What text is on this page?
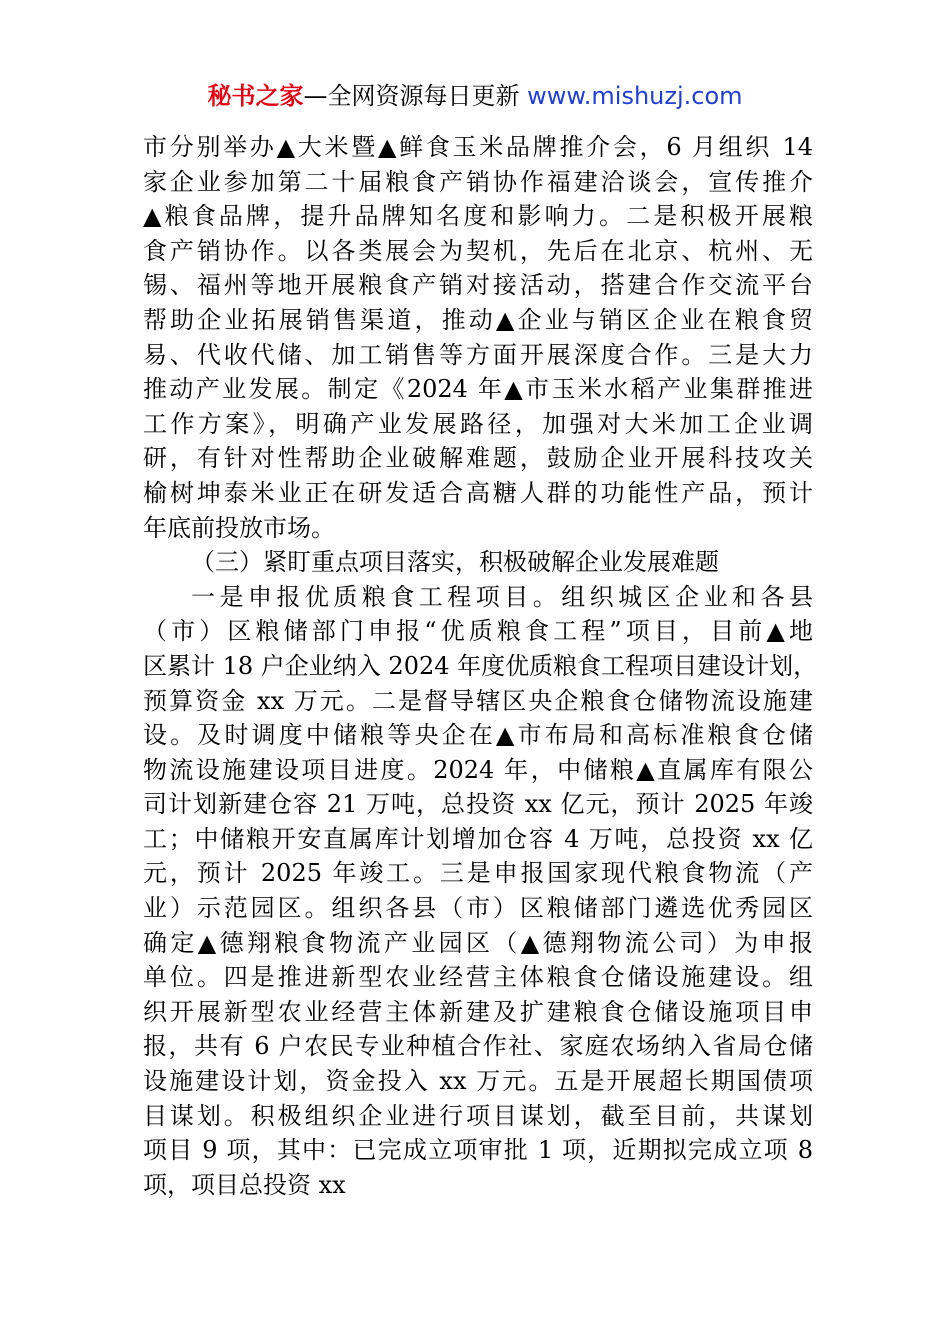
秘书之家—全网资源每日更新 www.mishuzj.com
市分别举办▲大米暨▲鲜食玉米品牌推介会，6 月组织 14
家企业参加第二十届粮食产销协作福建洽谈会，宣传推介
▲粮食品牌，提升品牌知名度和影响力。二是积极开展粮
食产销协作。以各类展会为契机，先后在北京、杭州、无
锡、福州等地开展粮食产销对接活动，搭建合作交流平台
帮助企业拓展销售渠道，推动▲企业与销区企业在粮食贸
易、代收代储、加工销售等方面开展深度合作。三是大力
推动产业发展。制定《2024 年▲市玉米水稻产业集群推进
工作方案》，明确产业发展路径，加强对大米加工企业调
研，有针对性帮助企业破解难题，鼓励企业开展科技攻关
榆树坤泰米业正在研发适合高糖人群的功能性产品，预计
年底前投放市场。
（三）紧盯重点项目落实，积极破解企业发展难题
一是申报优质粮食工程项目。组织城区企业和各县
（市）区粮储部门申报“优质粮食工程”项目，目前▲地
区累计 18 户企业纳入 2024 年度优质粮食工程项目建设计划，
预算资金 xx 万元。二是督导辖区央企粮食仓储物流设施建
设。及时调度中储粮等央企在▲市布局和高标准粮食仓储
物流设施建设项目进度。2024 年，中储粮▲直属库有限公
司计划新建仓容 21 万吨，总投资 xx 亿元，预计 2025 年竣
工；中储粮开安直属库计划增加仓容 4 万吨，总投资 xx 亿
元，预计 2025 年竣工。三是申报国家现代粮食物流（产
业）示范园区。组织各县（市）区粮储部门遴选优秀园区
确定▲德翔粮食物流产业园区（▲德翔物流公司）为申报
单位。四是推进新型农业经营主体粮食仓储设施建设。组
织开展新型农业经营主体新建及扩建粮食仓储设施项目申
报，共有 6 户农民专业种植合作社、家庭农场纳入省局仓储
设施建设计划，资金投入 xx 万元。五是开展超长期国债项
目谋划。积极组织企业进行项目谋划，截至目前，共谋划
项目 9 项，其中：已完成立项审批 1 项，近期拟完成立项 8
项，项目总投资 xx
